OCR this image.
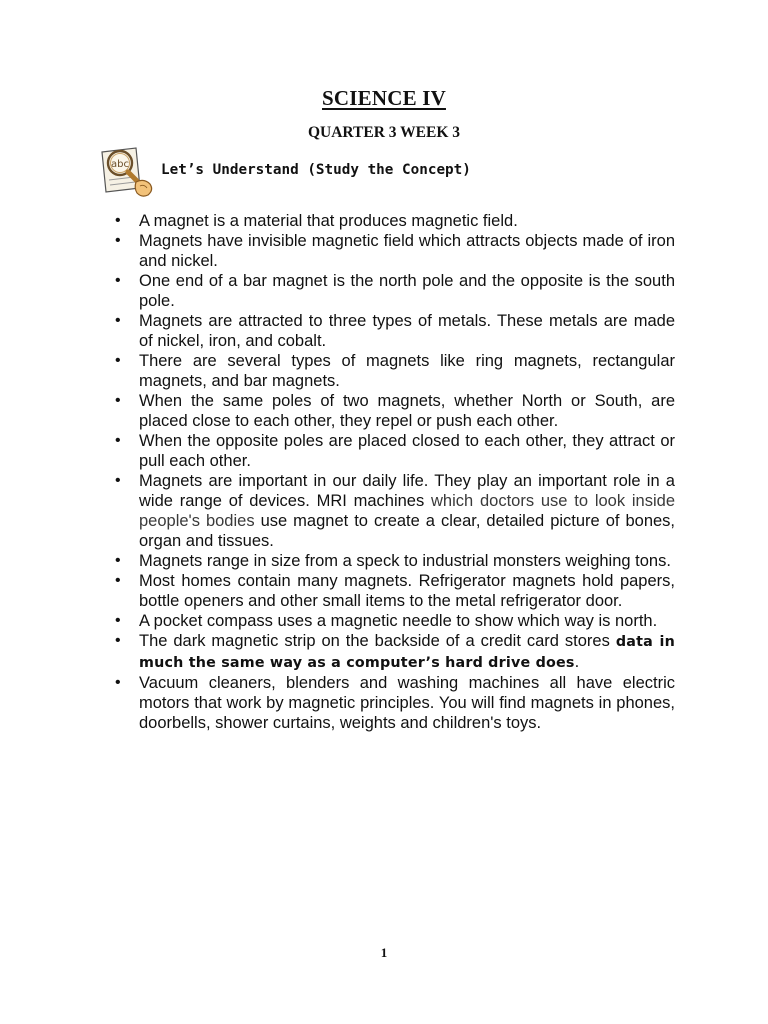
SCIENCE IV
QUARTER 3 WEEK 3
abc Let’s Understand (Study the Concept)
• A magnet is a material that produces magnetic field.
• Magnets have invisible magnetic field which attracts objects made of iron and nickel.
• One end of a bar magnet is the north pole and the opposite is the south pole.
• Magnets are attracted to three types of metals. These metals are made of nickel, iron, and cobalt.
• There are several types of magnets like ring magnets, rectangular magnets, and bar magnets.
• When the same poles of two magnets, whether North or South, are placed close to each other, they repel or push each other.
• When the opposite poles are placed closed to each other, they attract or pull each other.
• Magnets are important in our daily life. They play an important role in a wide range of devices. MRI machines which doctors use to look inside people's bodies use magnet to create a clear, detailed picture of bones, organ and tissues.
• Magnets range in size from a speck to industrial monsters weighing tons.
• Most homes contain many magnets. Refrigerator magnets hold papers, bottle openers and other small items to the metal refrigerator door.
• A pocket compass uses a magnetic needle to show which way is north.
• The dark magnetic strip on the backside of a credit card stores data in much the same way as a computer’s hard drive does.
• Vacuum cleaners, blenders and washing machines all have electric motors that work by magnetic principles. You will find magnets in phones, doorbells, shower curtains, weights and children's toys.
1
